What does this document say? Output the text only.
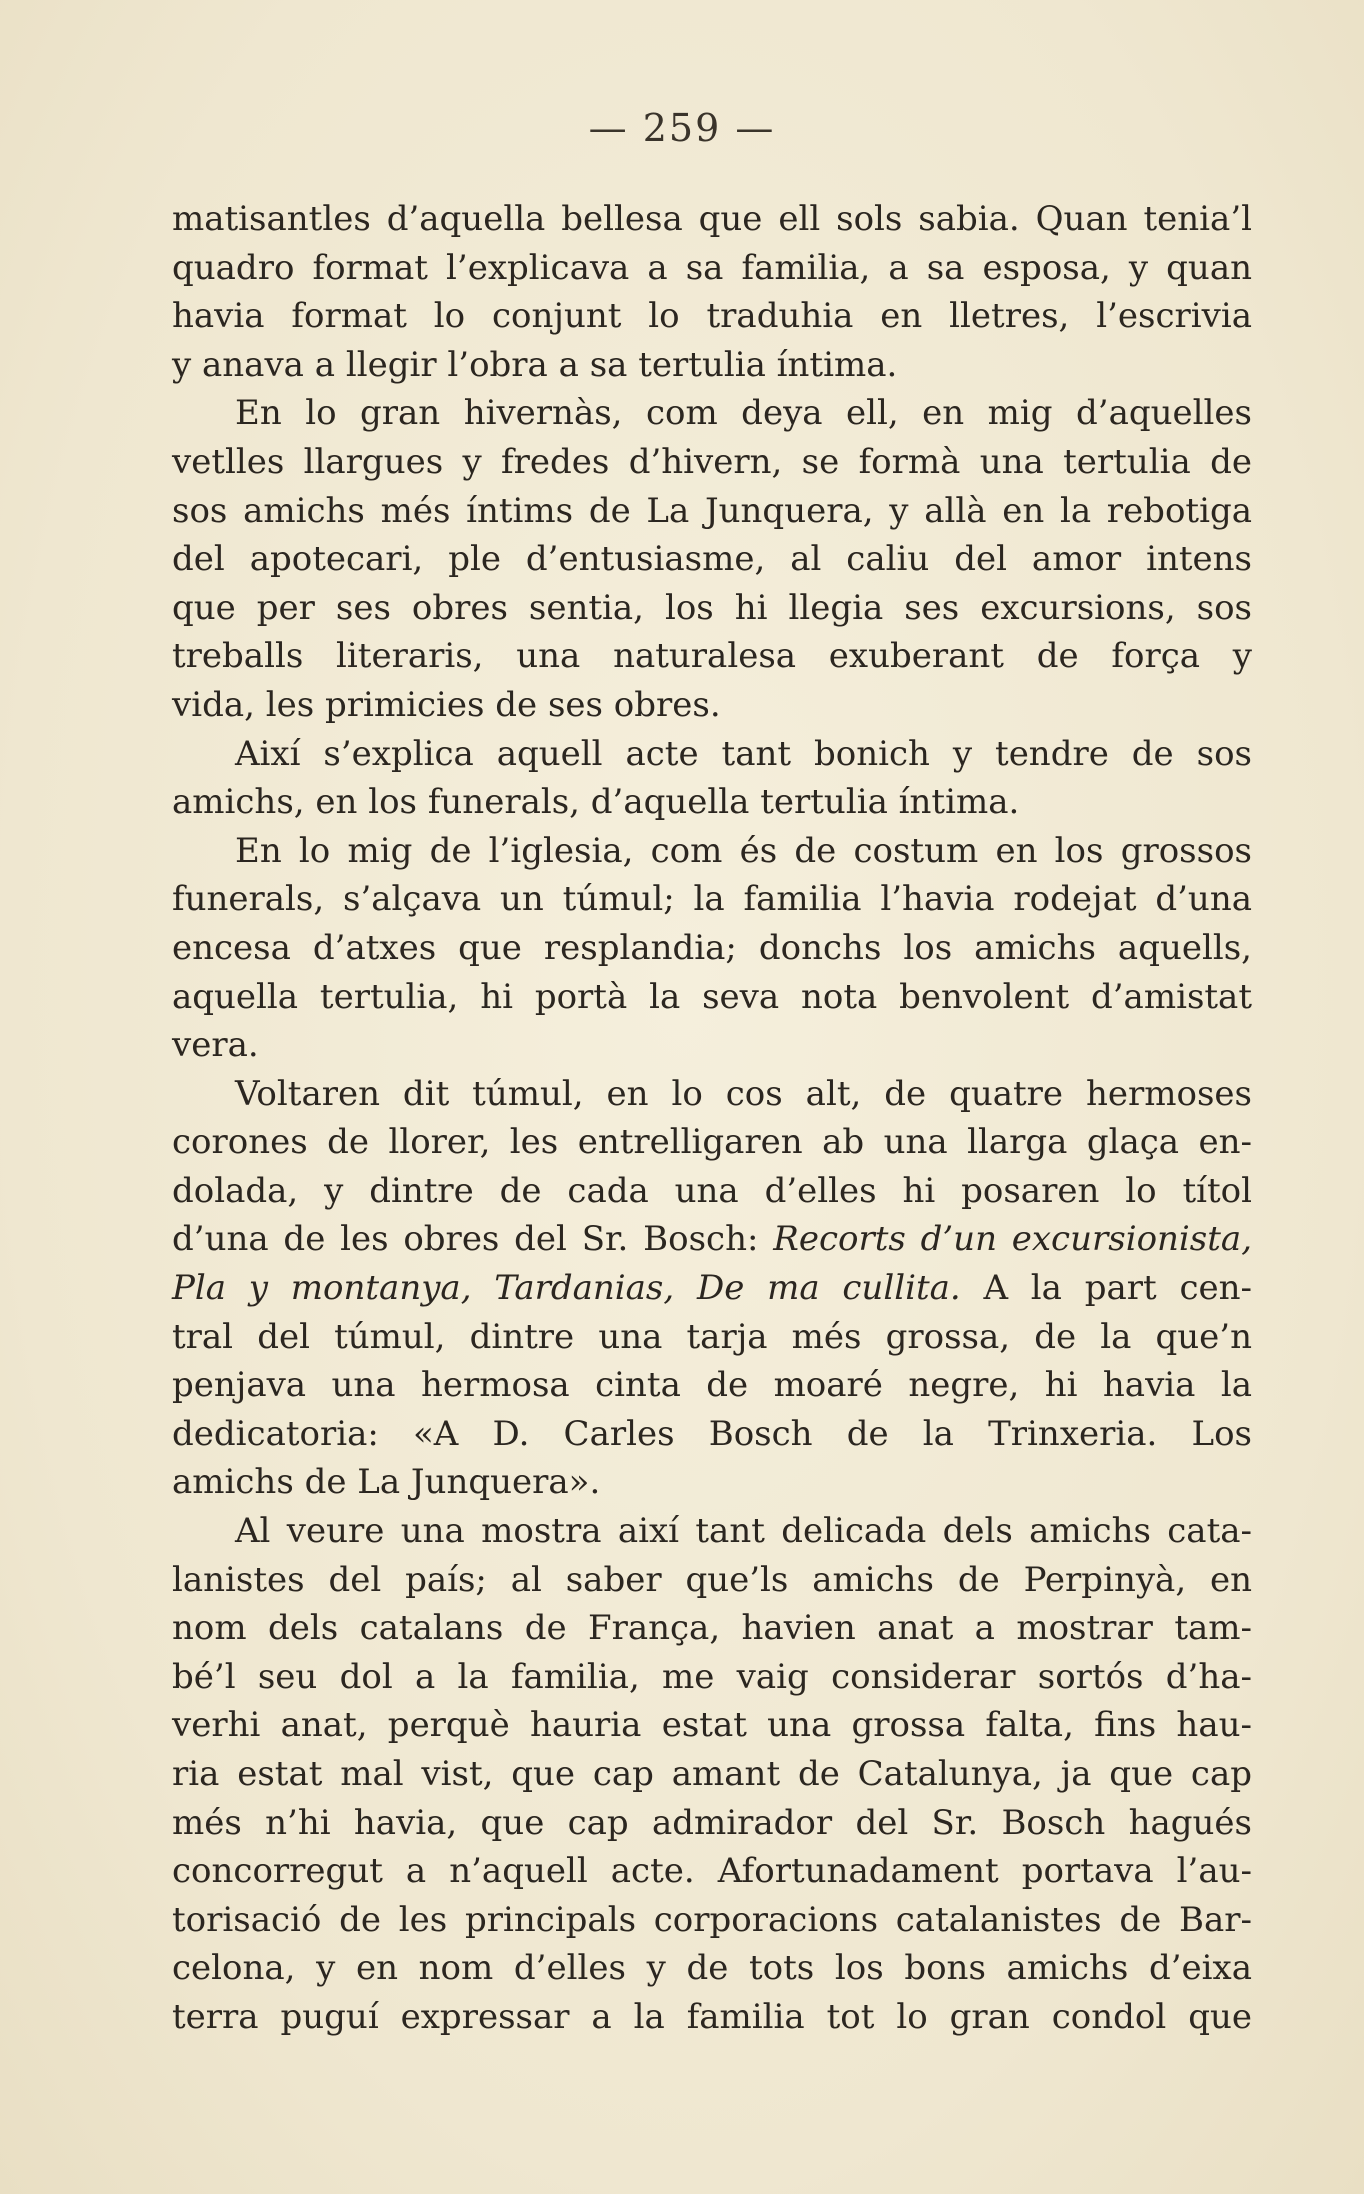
— 259 —
matisantles d’aquella bellesa que ell sols sabia. Quan tenia’l
quadro format l’explicava a sa familia, a sa esposa, y quan
havia format lo conjunt lo traduhia en lletres, l’escrivia
y anava a llegir l’obra a sa tertulia íntima.
En lo gran hivernàs, com deya ell, en mig d’aquelles
vetlles llargues y fredes d’hivern, se formà una tertulia de
sos amichs més íntims de La Junquera, y allà en la rebotiga
del apotecari, ple d’entusiasme, al caliu del amor intens
que per ses obres sentia, los hi llegia ses excursions, sos
treballs literaris, una naturalesa exuberant de força y
vida, les primicies de ses obres.
Així s’explica aquell acte tant bonich y tendre de sos
amichs, en los funerals, d’aquella tertulia íntima.
En lo mig de l’iglesia, com és de costum en los grossos
funerals, s’alçava un túmul; la familia l’havia rodejat d’una
encesa d’atxes que resplandia; donchs los amichs aquells,
aquella tertulia, hi portà la seva nota benvolent d’amistat
vera.
Voltaren dit túmul, en lo cos alt, de quatre hermoses
corones de llorer, les entrelligaren ab una llarga glaça en-
dolada, y dintre de cada una d’elles hi posaren lo títol
d’una de les obres del Sr. Bosch: Recorts d’un excursionista,
Pla y montanya, Tardanias, De ma cullita. A la part cen-
tral del túmul, dintre una tarja més grossa, de la que’n
penjava una hermosa cinta de moaré negre, hi havia la
dedicatoria: «A D. Carles Bosch de la Trinxeria. Los
amichs de La Junquera».
Al veure una mostra així tant delicada dels amichs cata-
lanistes del país; al saber que’ls amichs de Perpinyà, en
nom dels catalans de França, havien anat a mostrar tam-
bé’l seu dol a la familia, me vaig considerar sortós d’ha-
verhi anat, perquè hauria estat una grossa falta, fins hau-
ria estat mal vist, que cap amant de Catalunya, ja que cap
més n’hi havia, que cap admirador del Sr. Bosch hagués
concorregut a n’aquell acte. Afortunadament portava l’au-
torisació de les principals corporacions catalanistes de Bar-
celona, y en nom d’elles y de tots los bons amichs d’eixa
terra puguí expressar a la familia tot lo gran condol que
